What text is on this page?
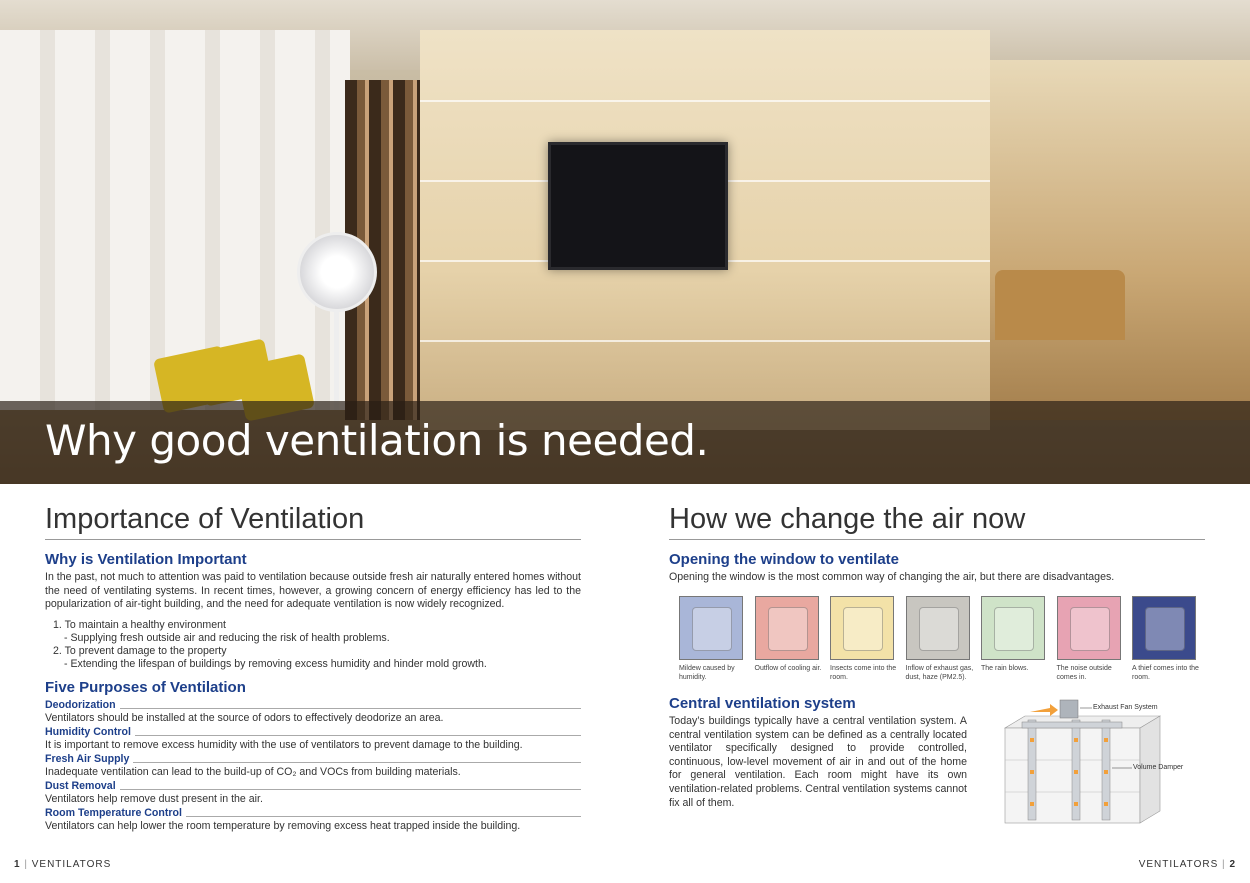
Why good ventilation is needed.
Importance of Ventilation
Why is Ventilation Important
In the past, not much to attention was paid to ventilation because outside fresh air naturally entered homes without the need of ventilating systems. In recent times, however, a growing concern of energy efficiency has led to the popularization of air-tight building, and the need for adequate ventilation is now widely recognized.
1. To maintain a healthy environment
- Supplying fresh outside air and reducing the risk of health problems.
2. To prevent damage to the property
- Extending the lifespan of buildings by removing excess humidity and hinder mold growth.
Five Purposes of Ventilation
Deodorization
Ventilators should be installed at the source of odors to effectively deodorize an area.
Humidity Control
It is important to remove excess humidity with the use of ventilators to prevent damage to the building.
Fresh Air Supply
Inadequate ventilation can lead to the build-up of CO₂ and VOCs from building materials.
Dust Removal
Ventilators help remove dust present in the air.
Room Temperature Control
Ventilators can help lower the room temperature by removing excess heat trapped inside the building.
How we change the air now
Opening the window to ventilate
Opening the window is the most common way of changing the air, but there are disadvantages.
Mildew caused by humidity.
Outflow of cooling air.	Insects come into the room.
Inflow of exhaust gas, dust, haze (PM2.5).
The rain blows.	The noise outside comes in.
A thief comes into the room.
Central ventilation system
Today’s buildings typically have a central ventilation system. A central ventilation system can be defined as a centrally located ventilator specifically designed to provide controlled, continuous, low-level movement of air in and out of the home for general ventilation. Each room might have its own ventilation-related problems. Central ventilation systems cannot fix all of them.
Exhaust Fan System
Volume Damper
1 | VENTILATORS	VENTILATORS | 2
